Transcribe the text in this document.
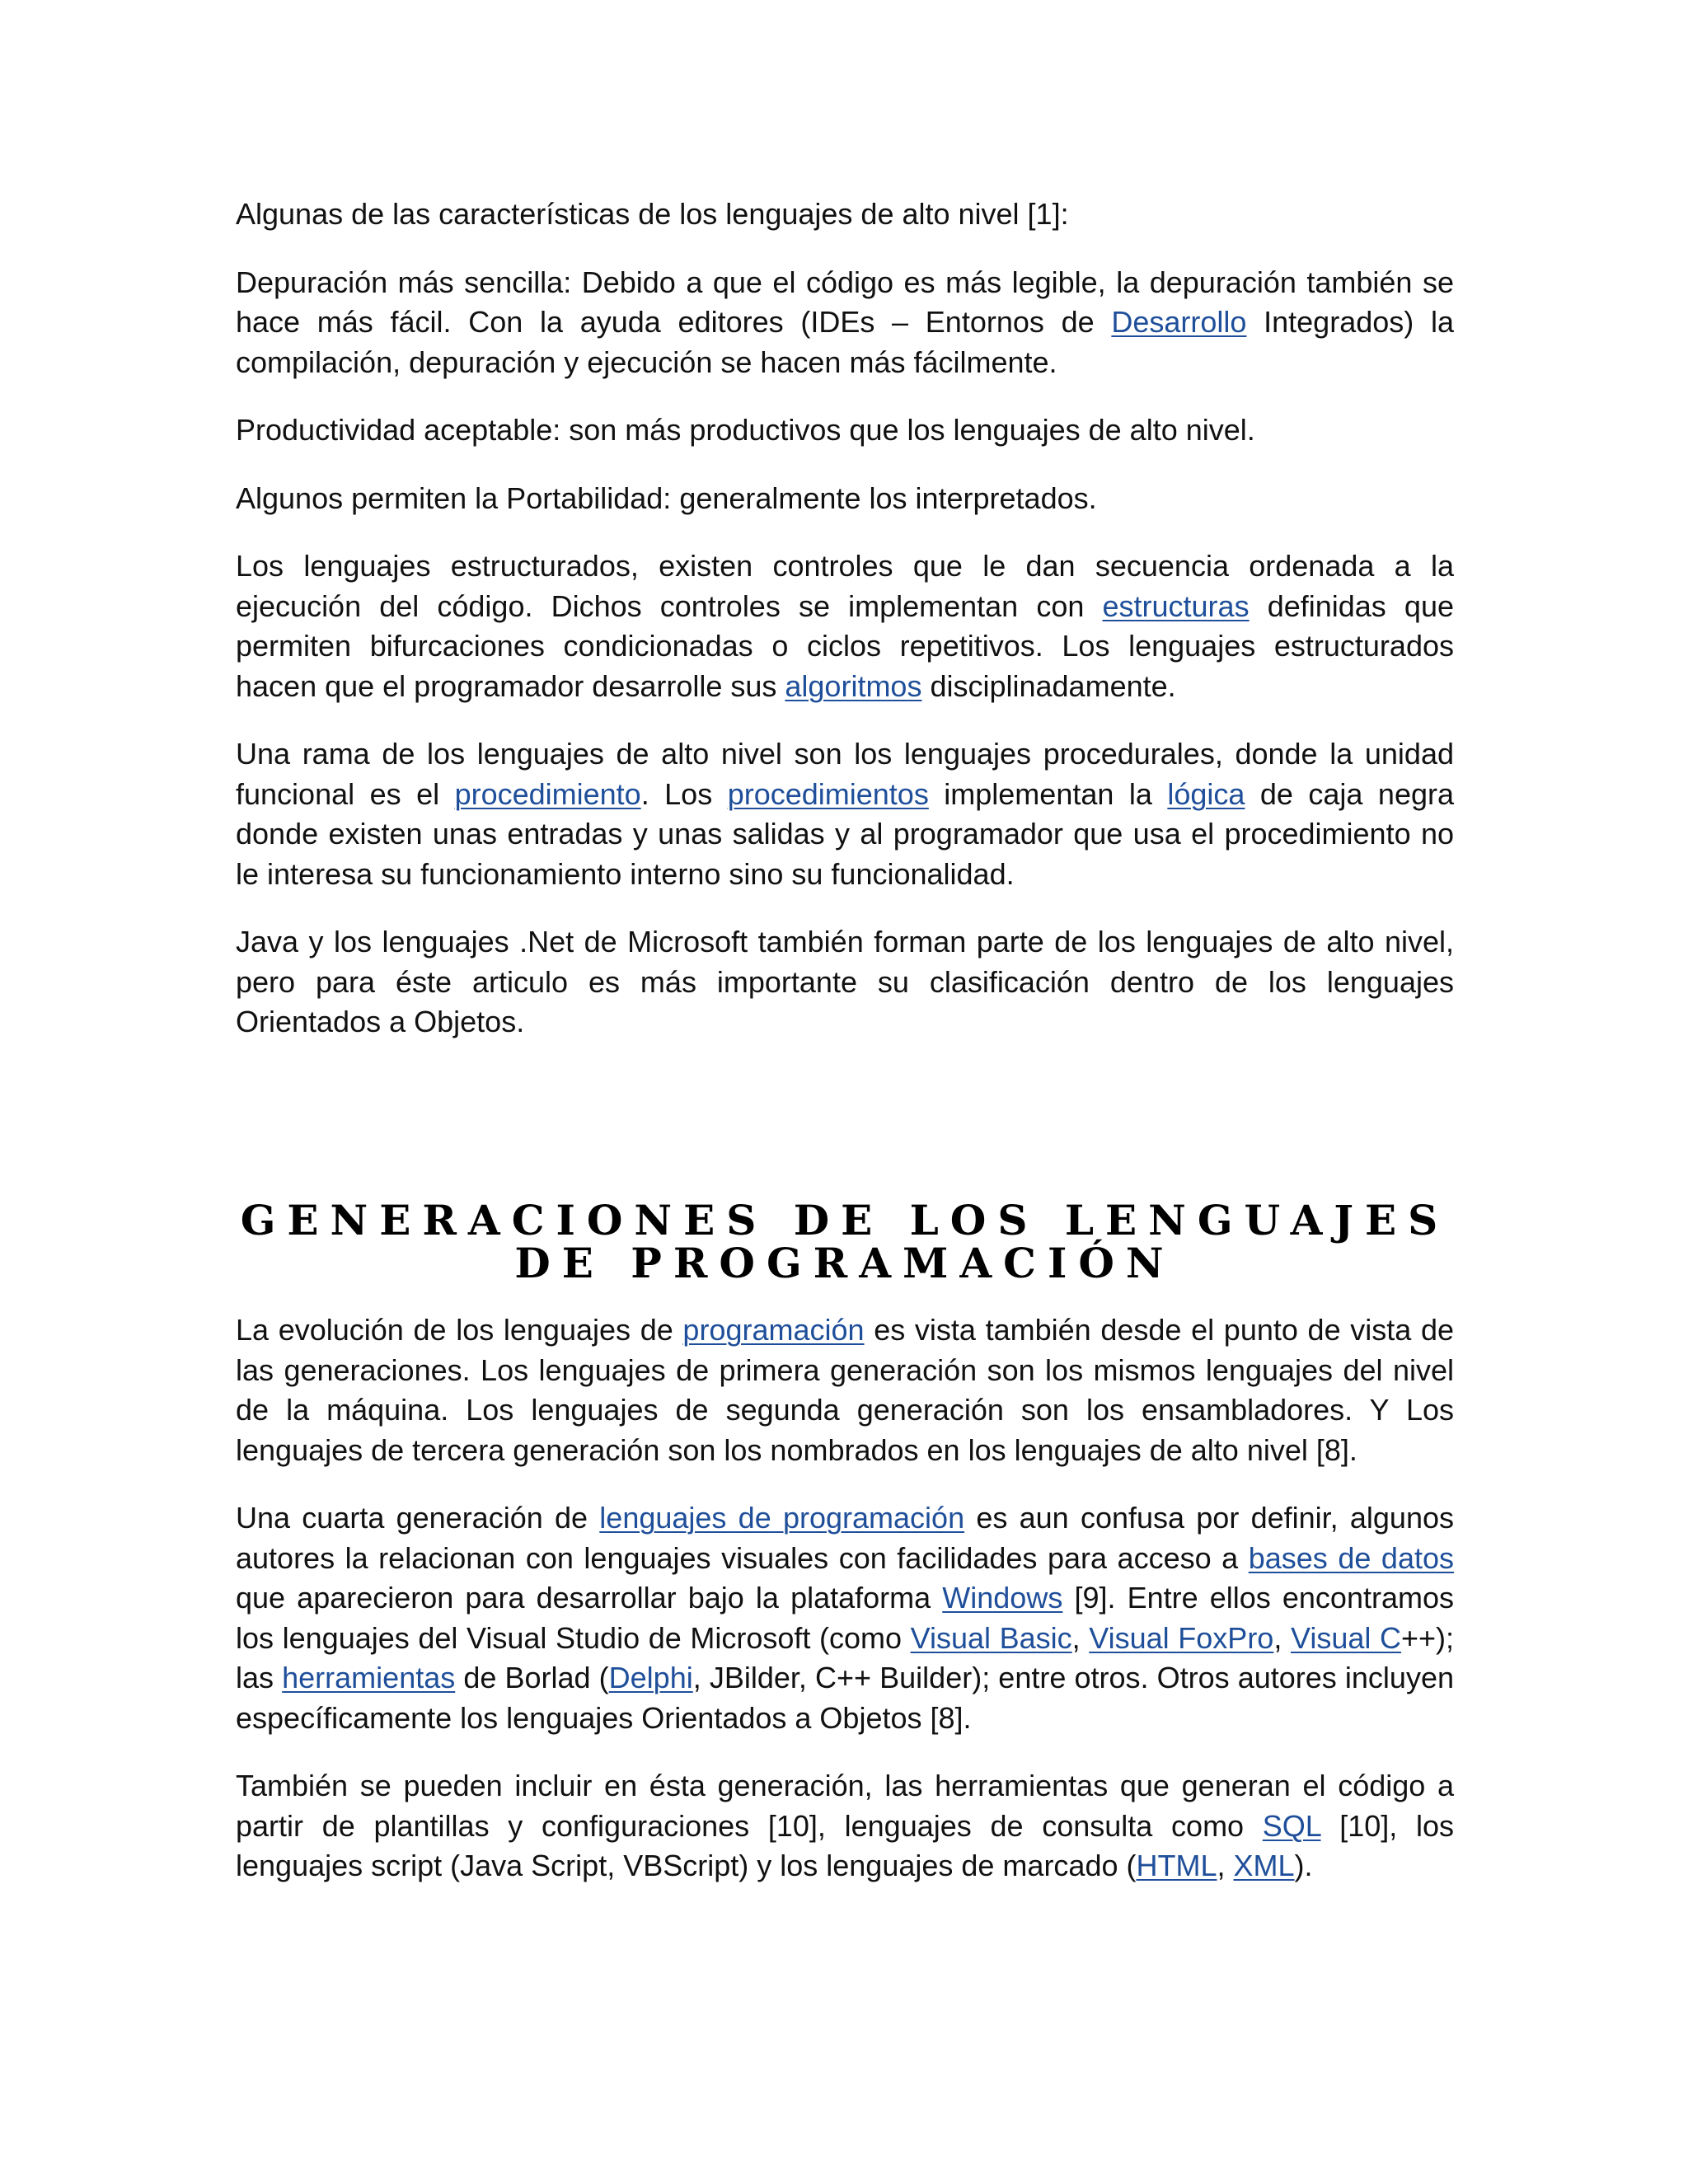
Algunas de las características de los lenguajes de alto nivel [1]:

Depuración más sencilla: Debido a que el código es más legible, la depuración también se hace más fácil. Con la ayuda editores (IDEs – Entornos de Desarrollo Integrados) la compilación, depuración y ejecución se hacen más fácilmente.

Productividad aceptable: son más productivos que los lenguajes de alto nivel.

Algunos permiten la Portabilidad: generalmente los interpretados.

Los lenguajes estructurados, existen controles que le dan secuencia ordenada a la ejecución del código. Dichos controles se implementan con estructuras definidas que permiten bifurcaciones condicionadas o ciclos repetitivos. Los lenguajes estructurados hacen que el programador desarrolle sus algoritmos disciplinadamente.

Una rama de los lenguajes de alto nivel son los lenguajes procedurales, donde la unidad funcional es el procedimiento. Los procedimientos implementan la lógica de caja negra donde existen unas entradas y unas salidas y al programador que usa el procedimiento no le interesa su funcionamiento interno sino su funcionalidad.

Java y los lenguajes .Net de Microsoft también forman parte de los lenguajes de alto nivel, pero para éste articulo es más importante su clasificación dentro de los lenguajes Orientados a Objetos.

GENERACIONES DE LOS LENGUAJES
DE PROGRAMACIÓN

La evolución de los lenguajes de programación es vista también desde el punto de vista de las generaciones. Los lenguajes de primera generación son los mismos lenguajes del nivel de la máquina. Los lenguajes de segunda generación son los ensambladores. Y Los lenguajes de tercera generación son los nombrados en los lenguajes de alto nivel [8].

Una cuarta generación de lenguajes de programación es aun confusa por definir, algunos autores la relacionan con lenguajes visuales con facilidades para acceso a bases de datos que aparecieron para desarrollar bajo la plataforma Windows [9]. Entre ellos encontramos los lenguajes del Visual Studio de Microsoft (como Visual Basic, Visual FoxPro, Visual C++); las herramientas de Borlad (Delphi, JBilder, C++ Builder); entre otros. Otros autores incluyen específicamente los lenguajes Orientados a Objetos [8].

También se pueden incluir en ésta generación, las herramientas que generan el código a partir de plantillas y configuraciones [10], lenguajes de consulta como SQL [10], los lenguajes script (Java Script, VBScript) y los lenguajes de marcado (HTML, XML).
